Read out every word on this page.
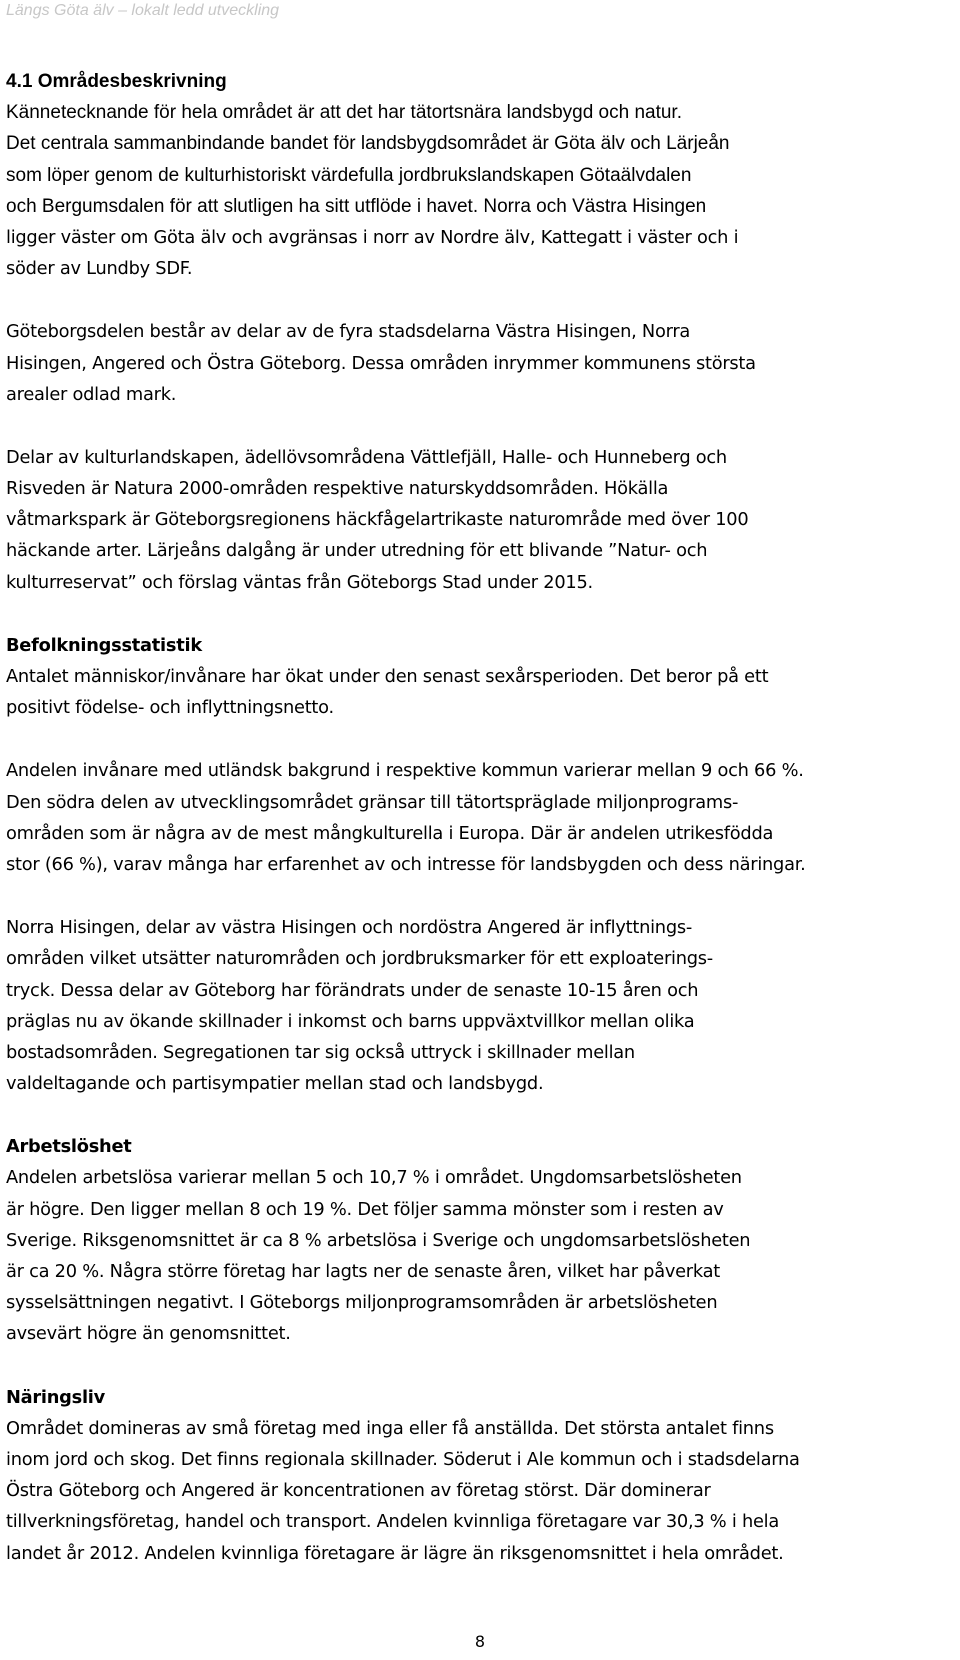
Längs Göta älv – lokalt ledd utveckling
4.1 Områdesbeskrivning
Kännetecknande för hela området är att det har tätortsnära landsbygd och natur.
Det centrala sammanbindande bandet för landsbygdsområdet är Göta älv och Lärjeån
som löper genom de kulturhistoriskt värdefulla jordbrukslandskapen Götaälvdalen
och Bergumsdalen för att slutligen ha sitt utflöde i havet. Norra och Västra Hisingen
ligger väster om Göta älv och avgränsas i norr av Nordre älv, Kattegatt i väster och i
söder av Lundby SDF.
Göteborgsdelen består av delar av de fyra stadsdelarna Västra Hisingen, Norra
Hisingen, Angered och Östra Göteborg. Dessa områden inrymmer kommunens största
arealer odlad mark.
Delar av kulturlandskapen, ädellövsområdena Vättlefjäll, Halle- och Hunneberg och
Risveden är Natura 2000-områden respektive naturskyddsområden. Hökälla
våtmarkspark är Göteborgsregionens häckfågelartrikaste naturområde med över 100
häckande arter. Lärjeåns dalgång är under utredning för ett blivande ”Natur- och
kulturreservat” och förslag väntas från Göteborgs Stad under 2015.
Befolkningsstatistik
Antalet människor/invånare har ökat under den senast sexårsperioden. Det beror på ett
positivt födelse- och inflyttningsnetto.
Andelen invånare med utländsk bakgrund i respektive kommun varierar mellan 9 och 66 %.
Den södra delen av utvecklingsområdet gränsar till tätortspräglade miljonprograms-
områden som är några av de mest mångkulturella i Europa. Där är andelen utrikesfödda
stor (66 %), varav många har erfarenhet av och intresse för landsbygden och dess näringar.
Norra Hisingen, delar av västra Hisingen och nordöstra Angered är inflyttnings-
områden vilket utsätter naturområden och jordbruksmarker för ett exploaterings-
tryck. Dessa delar av Göteborg har förändrats under de senaste 10-15 åren och
präglas nu av ökande skillnader i inkomst och barns uppväxtvillkor mellan olika
bostadsområden. Segregationen tar sig också uttryck i skillnader mellan
valdeltagande och partisympatier mellan stad och landsbygd.
Arbetslöshet
Andelen arbetslösa varierar mellan 5 och 10,7 % i området. Ungdomsarbetslösheten
är högre. Den ligger mellan 8 och 19 %. Det följer samma mönster som i resten av
Sverige. Riksgenomsnittet är ca 8 % arbetslösa i Sverige och ungdomsarbetslösheten
är ca 20 %. Några större företag har lagts ner de senaste åren, vilket har påverkat
sysselsättningen negativt. I Göteborgs miljonprogramsområden är arbetslösheten
avsevärt högre än genomsnittet.
Näringsliv
Området domineras av små företag med inga eller få anställda. Det största antalet finns
inom jord och skog. Det finns regionala skillnader. Söderut i Ale kommun och i stadsdelarna
Östra Göteborg och Angered är koncentrationen av företag störst. Där dominerar
tillverkningsföretag, handel och transport. Andelen kvinnliga företagare var 30,3 % i hela
landet år 2012. Andelen kvinnliga företagare är lägre än riksgenomsnittet i hela området.
8
